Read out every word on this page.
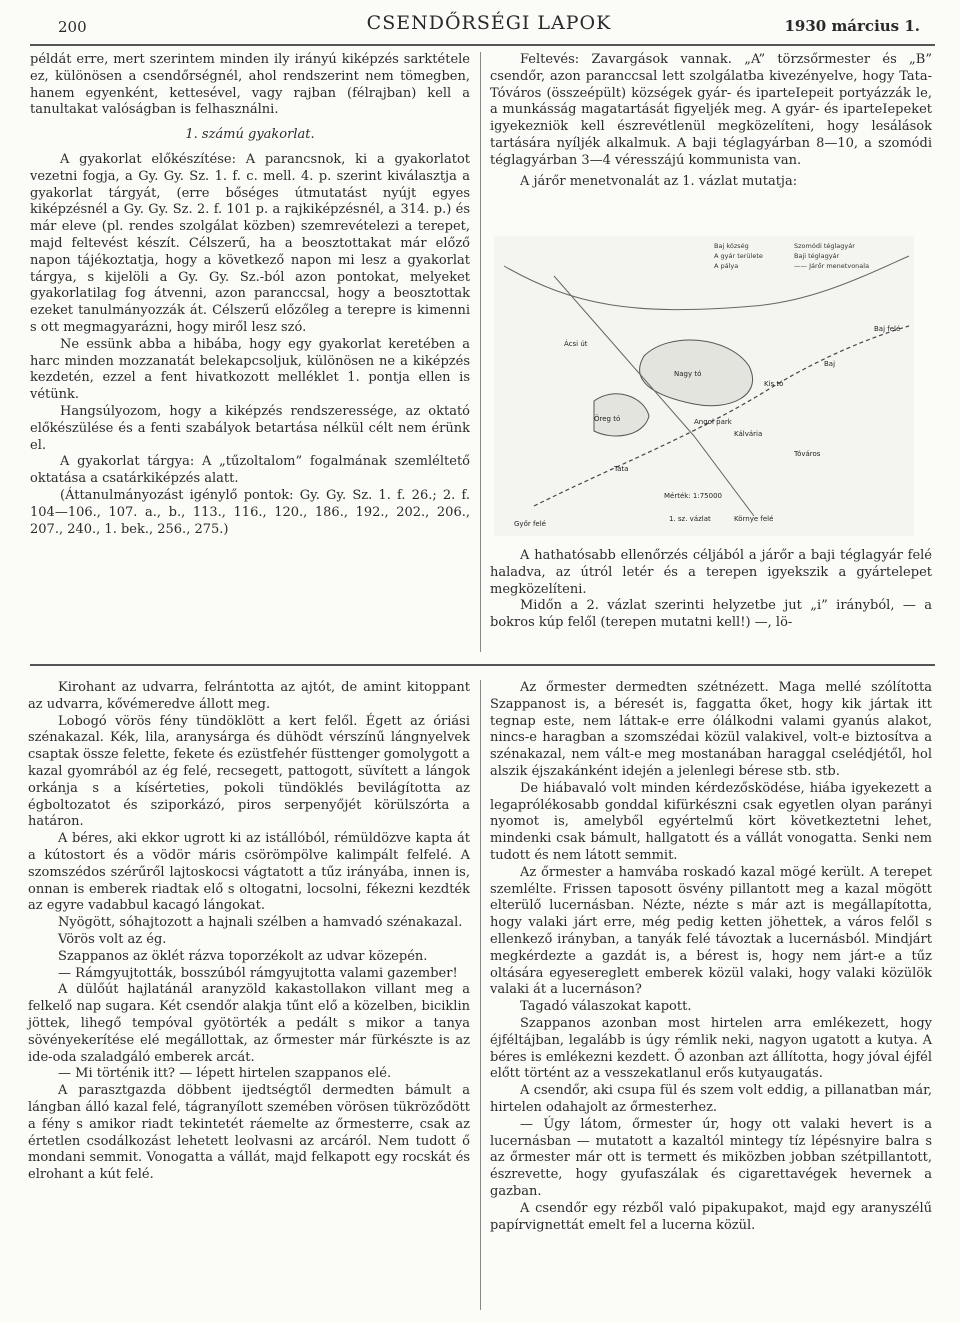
200	CSENDŐRSÉGI LAPOK	1930 március 1.

példát erre, mert szerintem minden ily irányú kiképzés sarktétele ez, különösen a csendőrségnél, ahol rendszerint nem tömegben, hanem egyenként, kettesével, vagy rajban (félrajban) kell a tanultakat valóságban is felhasználni.

1. számú gyakorlat.

A gyakorlat előkészítése: A parancsnok, ki a gyakorlatot vezetni fogja, a Gy. Gy. Sz. 1. f. c. mell. 4. p. szerint kiválasztja a gyakorlat tárgyát, (erre bőséges útmutatást nyújt egyes kiképzésnél a Gy. Gy. Sz. 2. f. 101 p. a rajkiképzésnél, a 314. p.) és már eleve (pl. rendes szolgálat közben) szemrevételezi a terepet, majd feltevést készít. Célszerű, ha a beosztottakat már előző napon tájékoztatja, hogy a következő napon mi lesz a gyakorlat tárgya, s kijelöli a Gy. Gy. Sz.-ból azon pontokat, melyeket gyakorlatilag fog átvenni, azon paranccsal, hogy a beosztottak ezeket tanulmányozzák át. Célszerű előzőleg a terepre is kimenni s ott megmagyarázni, hogy miről lesz szó.

Ne essünk abba a hibába, hogy egy gyakorlat keretében a harc minden mozzanatát belekapcsoljuk, különösen ne a kiképzés kezdetén, ezzel a fent hivatkozott melléklet 1. pontja ellen is vétünk.

Hangsúlyozom, hogy a kiképzés rendszeressége, az oktató előkészülése és a fenti szabályok betartása nélkül célt nem érünk el.

A gyakorlat tárgya: A „tűzoltalom” fogalmának szemléltető oktatása a csatárkiképzés alatt.

(Áttanulmányozást igénylő pontok: Gy. Gy. Sz. 1. f. 26.; 2. f. 104—106., 107. a., b., 113., 116., 120., 186., 192., 202., 206., 207., 240., 1. bek., 256., 275.)

Feltevés: Zavargások vannak. „A” törzsőrmester és „B” csendőr, azon paranccsal lett szolgálatba kivezényelve, hogy Tata-Tóváros (összeépült) községek gyár- és iparteIepeit portyázzák le, a munkásság magatartását figyeljék meg. A gyár- és iparteIepeket igyekezniök kell észrevétlenül megközelíteni, hogy lesálások tartására nyíljék alkalmuk. A baji téglagyárban 8—10, a szomódi téglagyárban 3—4 véresszájú kommunista van.

A járőr menetvonalát az 1. vázlat mutatja:

Baj község	Szomódi téglagyár
A gyár területe	Baji téglagyár
A pálya	—— Járőr menetvonala
Ácsi út
Angol park
Nagy tó
Tata
Öreg tó
Mérték: 1:75000
Kálvária
Kis tó
Baj
Baj felé
Győr felé
1. sz. vázlat	Környe felé
Tóváros

A hathatósabb ellenőrzés céljából a járőr a baji téglagyár felé haladva, az útról letér és a terepen igyekszik a gyártelepet megközelíteni.

Midőn a 2. vázlat szerinti helyzetbe jut „i” irányból, — a bokros kúp felől (terepen mutatni kell!) —, lö-

Kirohant az udvarra, felrántotta az ajtót, de amint kitoppant az udvarra, kővémeredve állott meg.

Lobogó vörös fény tündöklött a kert felől. Égett az óriási szénakazal. Kék, lila, aranysárga és dühödt vérszínű lángnyelvek csaptak össze felette, fekete és ezüstfehér füsttenger gomolygott a kazal gyomrából az ég felé, recsegett, pattogott, süvített a lángok orkánja s a kísérteties, pokoli tündöklés bevilágította az égboltozatot és sziporkázó, piros serpenyőjét körülszórta a határon.

A béres, aki ekkor ugrott ki az istállóból, rémüldözve kapta át a kútostort és a vödör máris csörömpölve kalimpált felfelé. A szomszédos szérűről lajtoskocsi vágtatott a tűz irányába, innen is, onnan is emberek riadtak elő s oltogatni, locsolni, fékezni kezdték az egyre vadabbul kacagó lángokat.

Nyögött, sóhajtozott a hajnali szélben a hamvadó szénakazal.

Vörös volt az ég.

Szappanos az öklét rázva toporzékolt az udvar közepén.

— Rámgyujtották, bosszúból rámgyujtotta valami gazember!

A dülőút hajlatánál aranyzöld kakastollakon villant meg a felkelő nap sugara. Két csendőr alakja tűnt elő a közelben, biciklin jöttek, lihegő tempóval gyötörték a pedált s mikor a tanya sövényekerítése elé megállottak, az őrmester már fürkészte is az ide-oda szaladgáló emberek arcát.

— Mi történik itt? — lépett hirtelen szappanos elé.

A parasztgazda döbbent ijedtségtől dermedten bámult a lángban álló kazal felé, tágranyílott szemében vörösen tükröződött a fény s amikor riadt tekintetét ráemelte az őrmesterre, csak az értetlen csodálkozást lehetett leolvasni az arcáról. Nem tudott ő mondani semmit. Vonogatta a vállát, majd felkapott egy rocskát és elrohant a kút felé.

Az őrmester dermedten szétnézett. Maga mellé szólította Szappanost is, a béresét is, faggatta őket, hogy kik jártak itt tegnap este, nem láttak-e erre ólálkodni valami gyanús alakot, nincs-e haragban a szomszédai közül valakivel, volt-e biztosítva a szénakazal, nem vált-e meg mostanában haraggal cselédjétől, hol alszik éjszakánként idején a jelenlegi bérese stb. stb.

De hiábavaló volt minden kérdezősködése, hiába igyekezett a legaprólékosabb gonddal kifürkészni csak egyetlen olyan parányi nyomot is, amelyből egyértelmű kört következtetni lehet, mindenki csak bámult, hallgatott és a vállát vonogatta. Senki nem tudott és nem látott semmit.

Az őrmester a hamvába roskadó kazal mögé került. A terepet szemlélte. Frissen taposott ösvény pillantott meg a kazal mögött elterülő lucernásban. Nézte, nézte s már azt is megállapította, hogy valaki járt erre, még pedig ketten jöhettek, a város felől s ellenkező irányban, a tanyák felé távoztak a lucernásból. Mindjárt megkérdezte a gazdát is, a bérest is, hogy nem járt-e a tűz oltására egyesereglett emberek közül valaki, hogy valaki közülök valaki át a lucernáson?

Tagadó válaszokat kapott.

Szappanos azonban most hirtelen arra emlékezett, hogy éjféltájban, legalább is úgy rémlik neki, nagyon ugatott a kutya. A béres is emlékezni kezdett. Ő azonban azt állította, hogy jóval éjfél előtt történt az a vesszekatlanul erős kutyaugatás.

A csendőr, aki csupa fül és szem volt eddig, a pillanatban már, hirtelen odahajolt az őrmesterhez.

— Úgy látom, őrmester úr, hogy ott valaki hevert is a lucernásban — mutatott a kazaltól mintegy tíz lépésnyire balra s az őrmester már ott is termett és miközben jobban szétpillantott, észrevette, hogy gyufaszálak és cigarettavégek hevernek a gazban.

A csendőr egy rézből való pipakupakot, majd egy aranyszélű papírvignettát emelt fel a lucerna közül.
